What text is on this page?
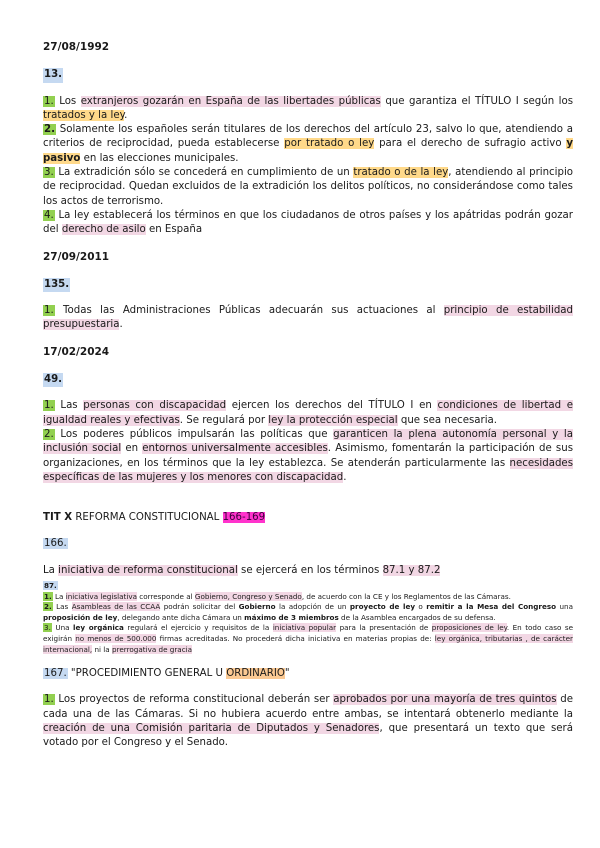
27/08/1992

13.

1. Los extranjeros gozarán en España de las libertades públicas que garantiza el TÍTULO I según los tratados y la ley.

2. Solamente los españoles serán titulares de los derechos del artículo 23, salvo lo que, atendiendo a criterios de reciprocidad, pueda establecerse por tratado o ley para el derecho de sufragio activo y pasivo en las elecciones municipales.

3. La extradición sólo se concederá en cumplimiento de un tratado o de la ley, atendiendo al principio de reciprocidad. Quedan excluidos de la extradición los delitos políticos, no considerándose como tales los actos de terrorismo.

4. La ley establecerá los términos en que los ciudadanos de otros países y los apátridas podrán gozar del derecho de asilo en España

27/09/2011

135.

1. Todas las Administraciones Públicas adecuarán sus actuaciones al principio de estabilidad presupuestaria.

17/02/2024

49.

1. Las personas con discapacidad ejercen los derechos del TÍTULO I en condiciones de libertad e igualdad reales y efectivas. Se regulará por ley la protección especial que sea necesaria.

2. Los poderes públicos impulsarán las políticas que garanticen la plena autonomía personal y la inclusión social en entornos universalmente accesibles. Asimismo, fomentarán la participación de sus organizaciones, en los términos que la ley establezca. Se atenderán particularmente las necesidades específicas de las mujeres y los menores con discapacidad.

TIT X REFORMA CONSTITUCIONAL 166-169

166.

La iniciativa de reforma constitucional se ejercerá en los términos 87.1 y 87.2

87.

1. La iniciativa legislativa corresponde al Gobierno, Congreso y Senado, de acuerdo con la CE y los Reglamentos de las Cámaras.

2. Las Asambleas de las CCAA podrán solicitar del Gobierno la adopción de un proyecto de ley o remitir a la Mesa del Congreso una proposición de ley, delegando ante dicha Cámara un máximo de 3 miembros de la Asamblea encargados de su defensa.

3. Una ley orgánica regulará el ejercicio y requisitos de la iniciativa popular para la presentación de proposiciones de ley. En todo caso se exigirán no menos de 500.000 firmas acreditadas. No procederá dicha iniciativa en materias propias de: ley orgánica, tributarias , de carácter internacional, ni la prerrogativa de gracia

167. "PROCEDIMIENTO GENERAL U ORDINARIO"

1. Los proyectos de reforma constitucional deberán ser aprobados por una mayoría de tres quintos de cada una de las Cámaras. Si no hubiera acuerdo entre ambas, se intentará obtenerlo mediante la creación de una Comisión paritaria de Diputados y Senadores, que presentará un texto que será votado por el Congreso y el Senado.
